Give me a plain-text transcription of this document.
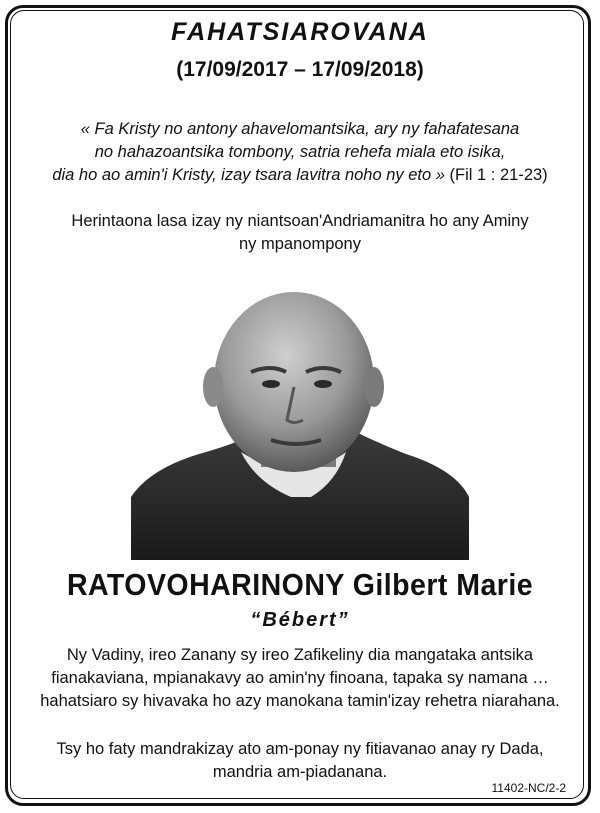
FAHATSIAROVANA
(17/09/2017 – 17/09/2018)
« Fa Kristy no antony ahavelomantsika, ary ny fahafatesana
no hahazoantsika tombony, satria rehefa miala eto isika,
dia ho ao amin'i Kristy, izay tsara lavitra noho ny eto » (Fil 1 : 21-23)
Herintaona lasa izay ny niantsoan'Andriamanitra ho any Aminy
ny mpanompony
RATOVOHARINONY Gilbert Marie
“Bébert”
Ny Vadiny, ireo Zanany sy ireo Zafikeliny dia mangataka antsika
fianakaviana, mpianakavy ao amin'ny finoana, tapaka sy namana …
hahatsiaro sy hivavaka ho azy manokana tamin'izay rehetra niarahana.
Tsy ho faty mandrakizay ato am-ponay ny fitiavanao anay ry Dada,
mandria am-piadanana.
11402-NC/2-2
